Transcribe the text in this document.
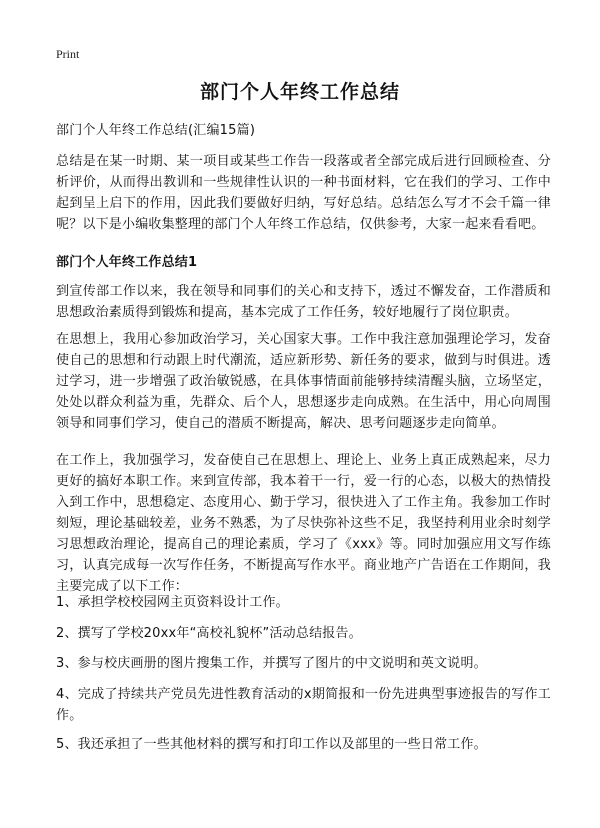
Print
部门个人年终工作总结
部门个人年终工作总结(汇编15篇)
总结是在某一时期、某一项目或某些工作告一段落或者全部完成后进行回顾检查、分析评价，从而得出教训和一些规律性认识的一种书面材料，它在我们的学习、工作中起到呈上启下的作用，因此我们要做好归纳，写好总结。总结怎么写才不会千篇一律呢？以下是小编收集整理的部门个人年终工作总结，仅供参考，大家一起来看看吧。
部门个人年终工作总结1
到宣传部工作以来，我在领导和同事们的关心和支持下，透过不懈发奋，工作潜质和思想政治素质得到锻炼和提高，基本完成了工作任务，较好地履行了岗位职责。
在思想上，我用心参加政治学习，关心国家大事。工作中我注意加强理论学习，发奋使自己的思想和行动跟上时代潮流，适应新形势、新任务的要求，做到与时俱进。透过学习，进一步增强了政治敏锐感，在具体事情面前能够持续清醒头脑，立场坚定，处处以群众利益为重，先群众、后个人，思想逐步走向成熟。在生活中，用心向周围领导和同事们学习，使自己的潜质不断提高，解决、思考问题逐步走向简单。
在工作上，我加强学习，发奋使自己在思想上、理论上、业务上真正成熟起来，尽力更好的搞好本职工作。来到宣传部，我本着干一行，爱一行的心态，以极大的热情投入到工作中，思想稳定、态度用心、勤于学习，很快进入了工作主角。我参加工作时刻短，理论基础较差，业务不熟悉，为了尽快弥补这些不足，我坚持利用业余时刻学习思想政治理论，提高自己的理论素质，学习了《xxx》等。同时加强应用文写作练习，认真完成每一次写作任务，不断提高写作水平。商业地产广告语在工作期间，我主要完成了以下工作：
1、承担学校校园网主页资料设计工作。
2、撰写了学校20xx年“高校礼貌杯”活动总结报告。
3、参与校庆画册的图片搜集工作，并撰写了图片的中文说明和英文说明。
4、完成了持续共产党员先进性教育活动的x期简报和一份先进典型事迹报告的写作工作。
5、我还承担了一些其他材料的撰写和打印工作以及部里的一些日常工作。
